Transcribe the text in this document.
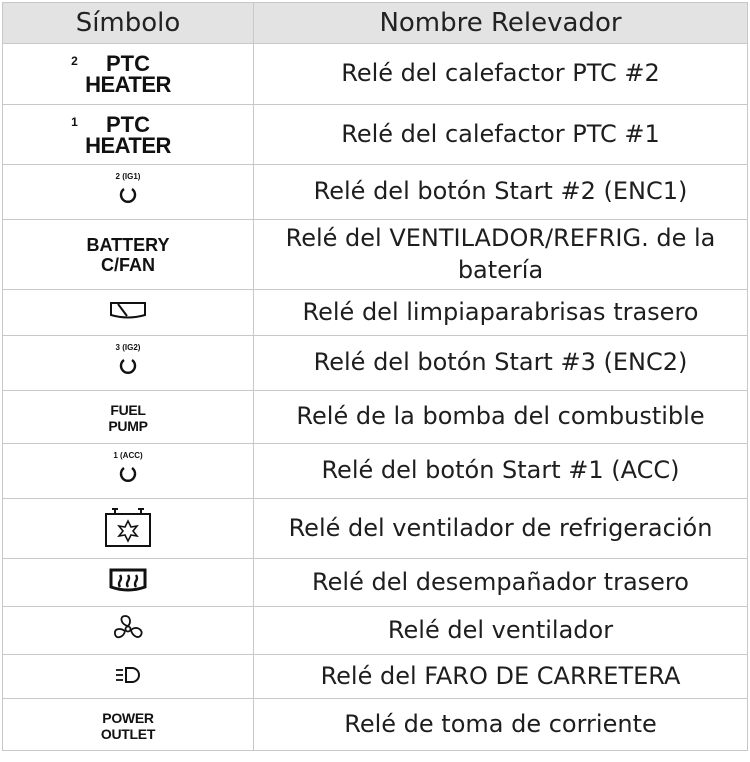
Símbolo	Nombre Relevador

2 PTC
HEATER	Relé del calefactor PTC #2

1 PTC
HEATER	Relé del calefactor PTC #1

2 (IG1)	Relé del botón Start #2 (ENC1)

BATTERY
C/FAN	Relé del VENTILADOR/REFRIG. de la batería

	Relé del limpiaparabrisas trasero

3 (IG2)	Relé del botón Start #3 (ENC2)

FUEL
PUMP	Relé de la bomba del combustible

1 (ACC)	Relé del botón Start #1 (ACC)

	Relé del ventilador de refrigeración

	Relé del desempañador trasero

	Relé del ventilador

	Relé del FARO DE CARRETERA

POWER
OUTLET	Relé de toma de corriente
